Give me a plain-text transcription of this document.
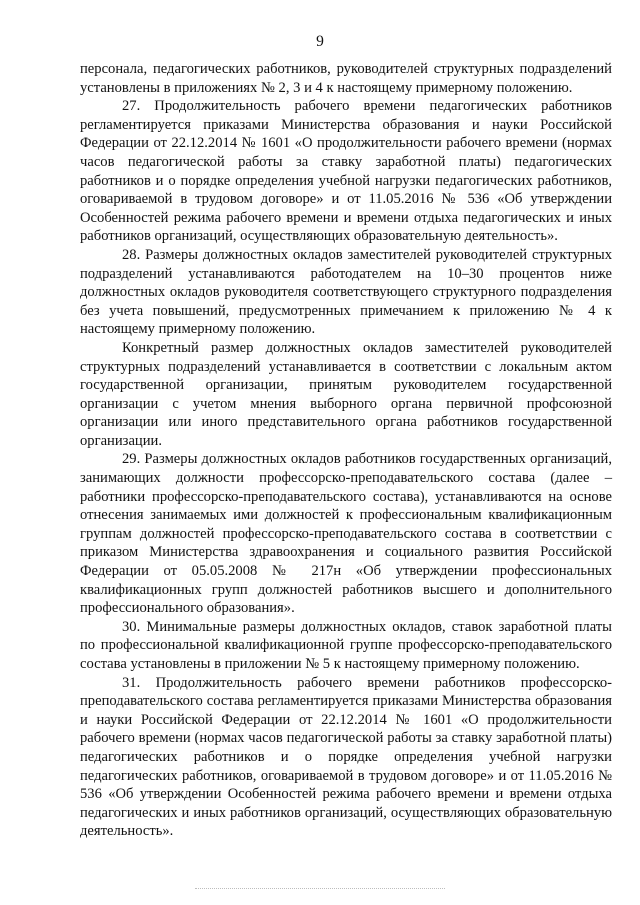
9

персонала, педагогических работников, руководителей структурных подразделений установлены в приложениях № 2, 3 и 4 к настоящему примерному положению.

27. Продолжительность рабочего времени педагогических работников регламентируется приказами Министерства образования и науки Российской Федерации от 22.12.2014 № 1601 «О продолжительности рабочего времени (нормах часов педагогической работы за ставку заработной платы) педагогических работников и о порядке определения учебной нагрузки педагогических работников, оговариваемой в трудовом договоре» и от 11.05.2016 № 536 «Об утверждении Особенностей режима рабочего времени и времени отдыха педагогических и иных работников организаций, осуществляющих образовательную деятельность».

28. Размеры должностных окладов заместителей руководителей структурных подразделений устанавливаются работодателем на 10–30 процентов ниже должностных окладов руководителя соответствующего структурного подразделения без учета повышений, предусмотренных примечанием к приложению № 4 к настоящему примерному положению.

Конкретный размер должностных окладов заместителей руководителей структурных подразделений устанавливается в соответствии с локальным актом государственной организации, принятым руководителем государственной организации с учетом мнения выборного органа первичной профсоюзной организации или иного представительного органа работников государственной организации.

29. Размеры должностных окладов работников государственных организаций, занимающих должности профессорско-преподавательского состава (далее – работники профессорско-преподавательского состава), устанавливаются на основе отнесения занимаемых ими должностей к профессиональным квалификационным группам должностей профессорско-преподавательского состава в соответствии с приказом Министерства здравоохранения и социального развития Российской Федерации от 05.05.2008 № 217н «Об утверждении профессиональных квалификационных групп должностей работников высшего и дополнительного профессионального образования».

30. Минимальные размеры должностных окладов, ставок заработной платы по профессиональной квалификационной группе профессорско-преподавательского состава установлены в приложении № 5 к настоящему примерному положению.

31. Продолжительность рабочего времени работников профессорско-преподавательского состава регламентируется приказами Министерства образования и науки Российской Федерации от 22.12.2014 № 1601 «О продолжительности рабочего времени (нормах часов педагогической работы за ставку заработной платы) педагогических работников и о порядке определения учебной нагрузки педагогических работников, оговариваемой в трудовом договоре» и от 11.05.2016 № 536 «Об утверждении Особенностей режима рабочего времени и времени отдыха педагогических и иных работников организаций, осуществляющих образовательную деятельность».
